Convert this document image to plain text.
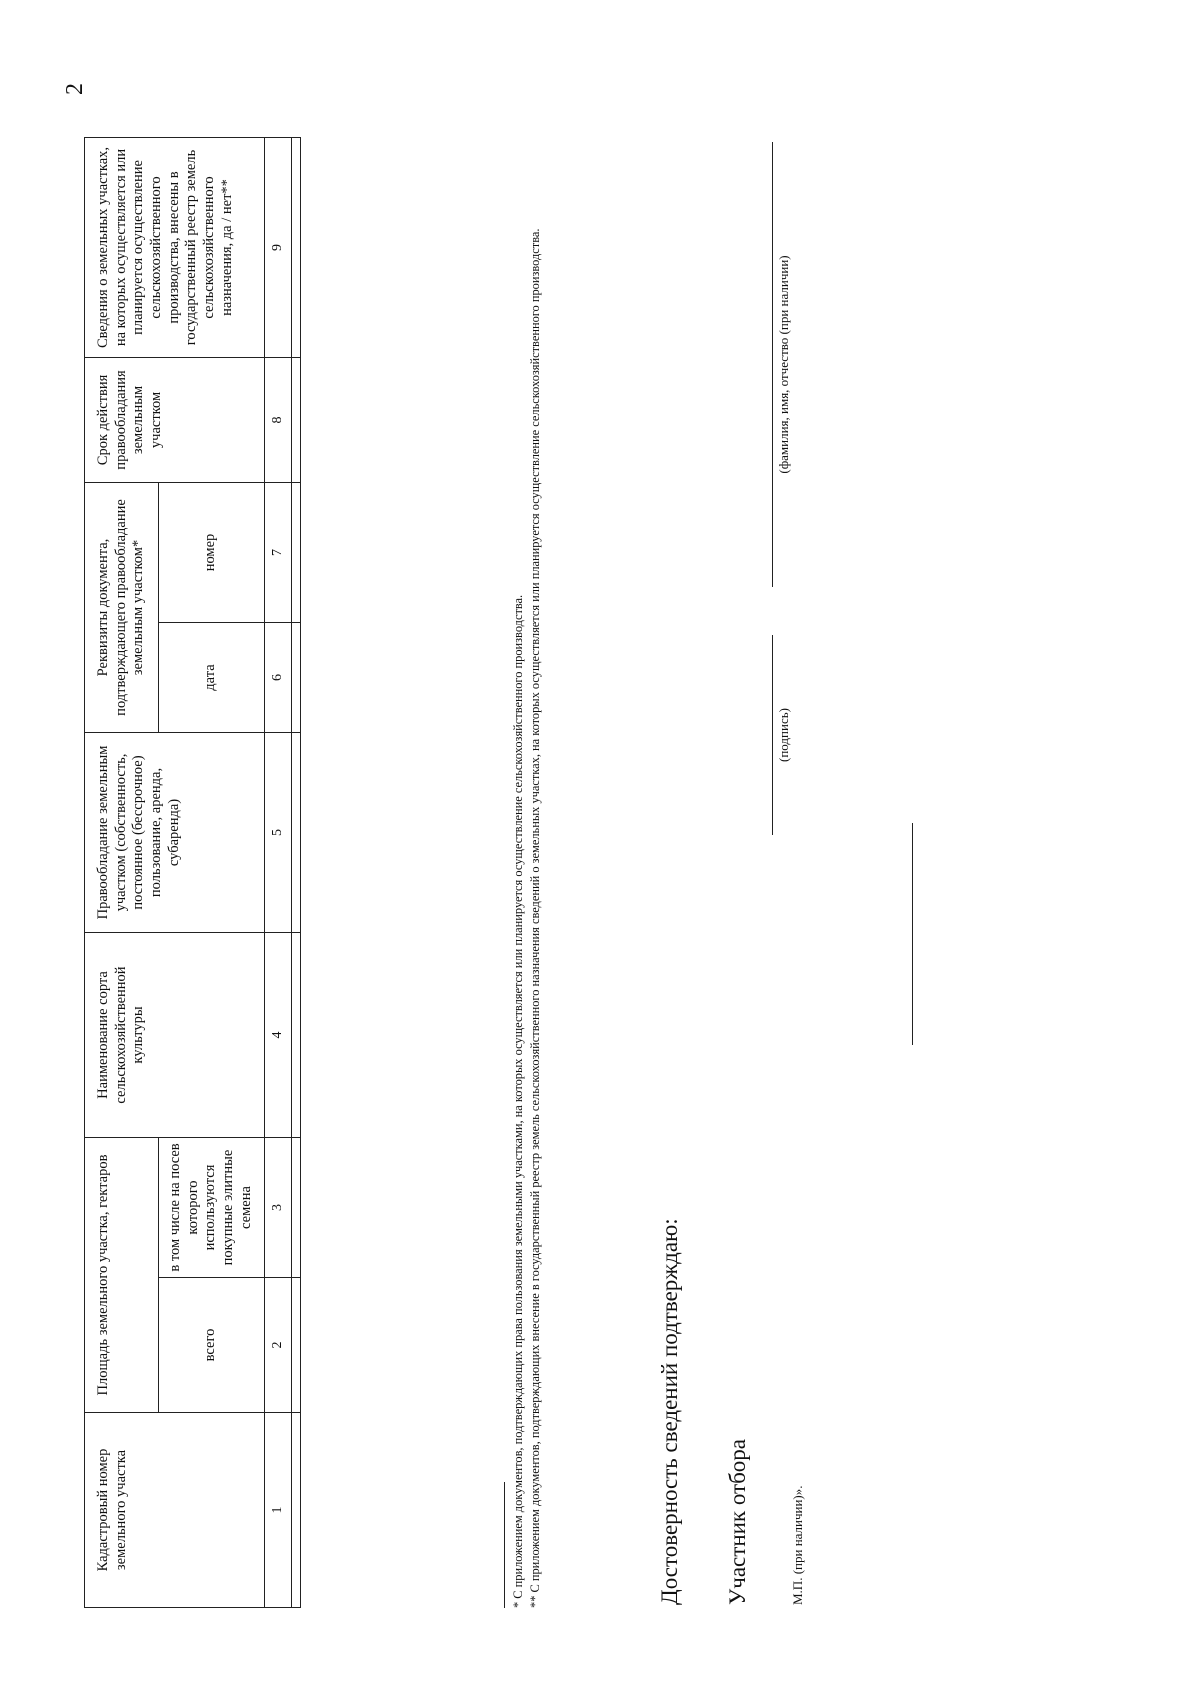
2
Кадастровый номер земельного участка	Площадь земельного участка, гектаров		Наименование сорта сельскохозяйственной культуры	Правообладание земельным участком (собственность, постоянное (бессрочное) пользование, аренда, субаренда)	Реквизиты документа, подтверждающего правообладание земельным участком*		Срок действия правообладания земельным участком	Сведения о земельных участках, на которых осуществляется или планируется осуществление сельскохозяйственного производства, внесены в государственный реестр земель сельскохозяйственного назначения, да / нет**
	всего	в том числе на посев которого используются покупные элитные семена			дата	номер		
1	2	3	4	5	6	7	8	9

* С приложением документов, подтверждающих права пользования земельными участками, на которых осуществляется или планируется осуществление сельскохозяйственного производства. ** С приложением документов, подтверждающих внесение в государственный реестр земель сельскохозяйственного назначения сведений о земельных участках, на которых осуществляется или планируется осуществление сельскохозяйственного производства.	Достоверность сведений подтверждаю: Участник отбора
(подпись)
(фамилия, имя, отчество (при наличии)
М.П. (при наличии)».
